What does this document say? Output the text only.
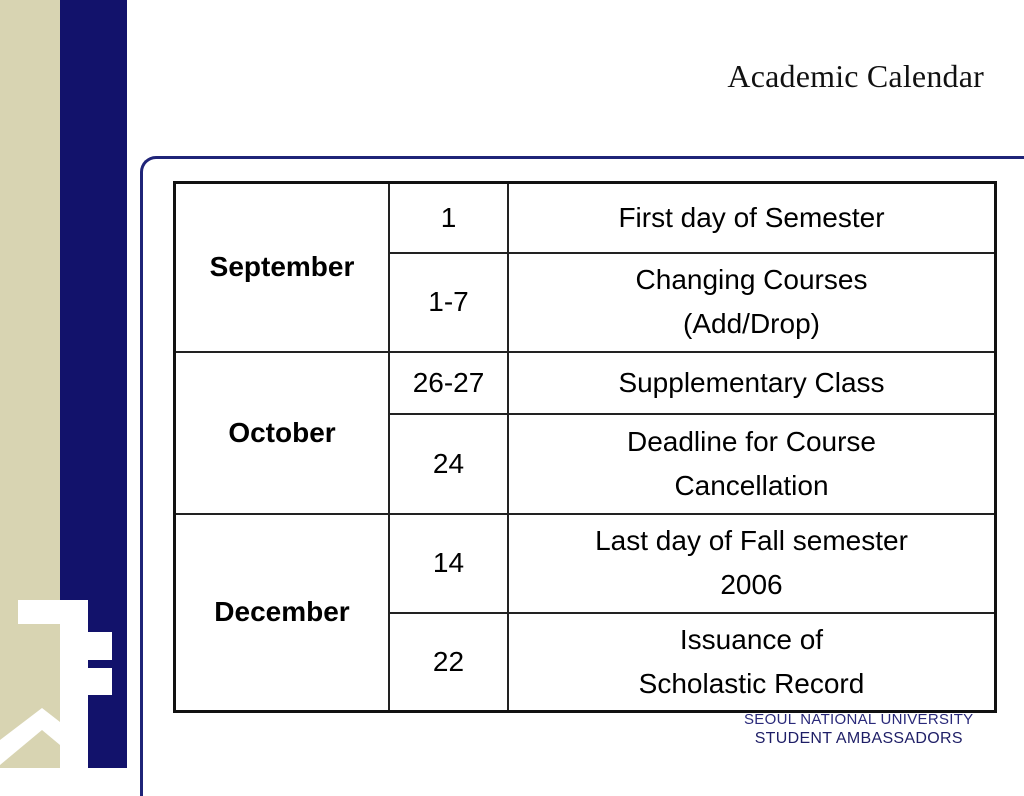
Academic Calendar
September	1	First day of Semester
	1-7	Changing Courses
(Add/Drop)
October	26-27	Supplementary Class
	24	Deadline for Course
Cancellation
December	14	Last day of Fall semester
2006
	22	Issuance of
Scholastic Record
SEOUL NATIONAL UNIVERSITY
STUDENT AMBASSADORS
